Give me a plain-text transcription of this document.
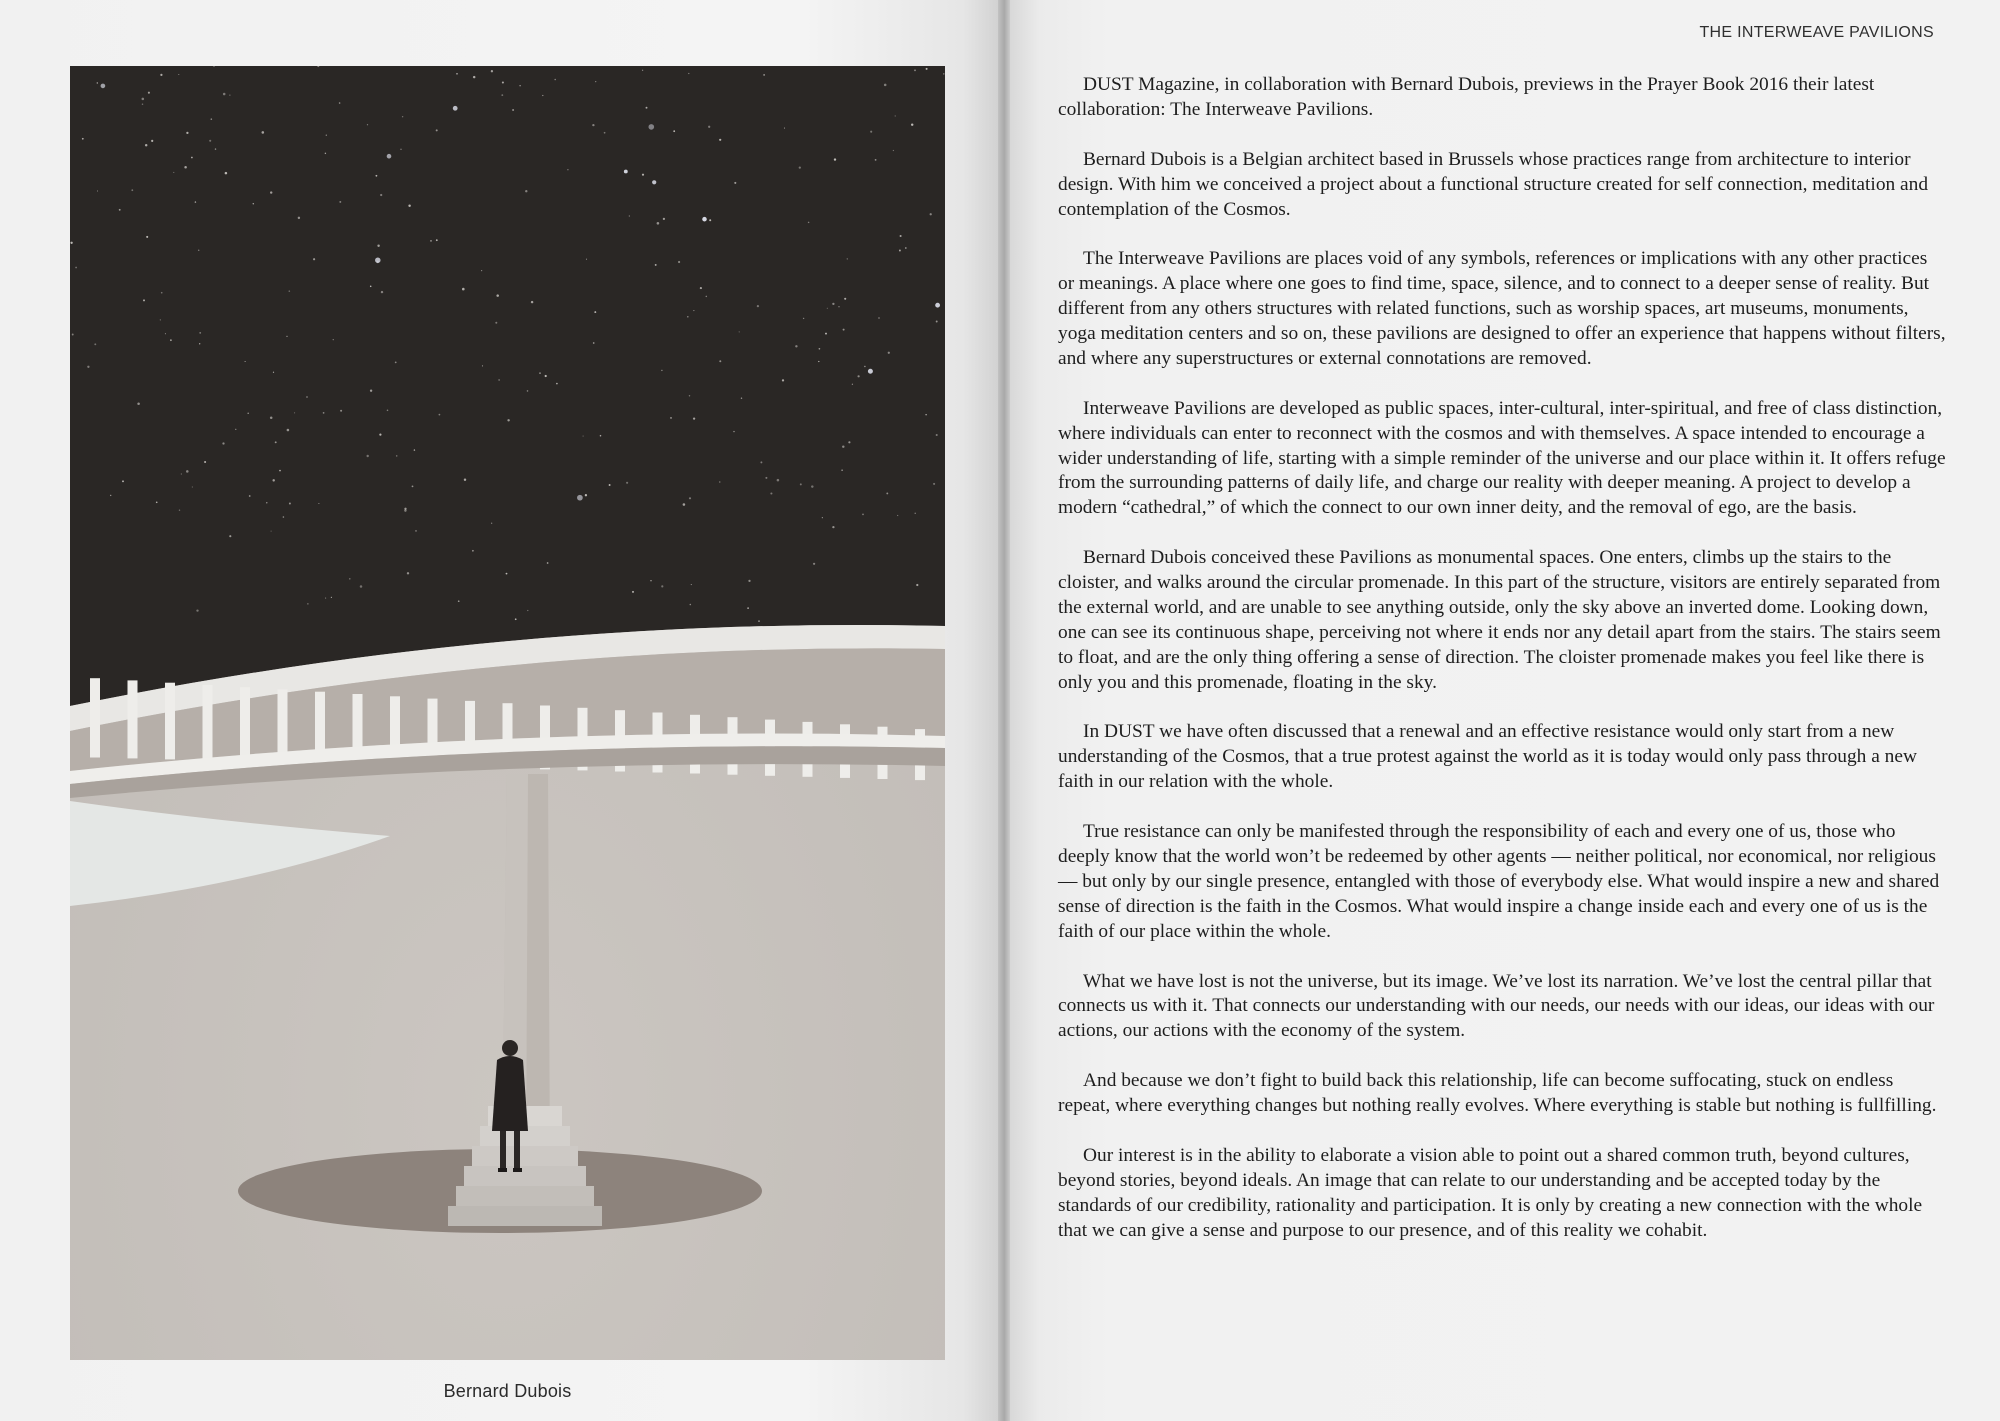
Bernard Dubois
THE INTERWEAVE PAVILIONS

DUST Magazine, in collaboration with Bernard Dubois, previews in the Prayer Book 2016 their latest collaboration: The Interweave Pavilions.

Bernard Dubois is a Belgian architect based in Brussels whose practices range from architecture to interior design. With him we conceived a project about a functional structure created for self connection, meditation and contemplation of the Cosmos.

The Interweave Pavilions are places void of any symbols, references or implications with any other practices or meanings. A place where one goes to find time, space, silence, and to connect to a deeper sense of reality. But different from any others structures with related functions, such as worship spaces, art museums, monuments, yoga meditation centers and so on, these pavilions are designed to offer an experience that happens without filters, and where any superstructures or external connotations are removed.

Interweave Pavilions are developed as public spaces, inter-cultural, inter-spiritual, and free of class distinction, where individuals can enter to reconnect with the cosmos and with themselves. A space intended to encourage a wider understanding of life, starting with a simple reminder of the universe and our place within it. It offers refuge from the surrounding patterns of daily life, and charge our reality with deeper meaning. A project to develop a modern “cathedral,” of which the connect to our own inner deity, and the removal of ego, are the basis.

Bernard Dubois conceived these Pavilions as monumental spaces. One enters, climbs up the stairs to the cloister, and walks around the circular promenade. In this part of the structure, visitors are entirely separated from the external world, and are unable to see anything outside, only the sky above an inverted dome. Looking down, one can see its continuous shape, perceiving not where it ends nor any detail apart from the stairs. The stairs seem to float, and are the only thing offering a sense of direction. The cloister promenade makes you feel like there is only you and this promenade, floating in the sky.

In DUST we have often discussed that a renewal and an effective resistance would only start from a new understanding of the Cosmos, that a true protest against the world as it is today would only pass through a new faith in our relation with the whole.

True resistance can only be manifested through the responsibility of each and every one of us, those who deeply know that the world won’t be redeemed by other agents — neither political, nor economical, nor religious — but only by our single presence, entangled with those of everybody else. What would inspire a new and shared sense of direction is the faith in the Cosmos. What would inspire a change inside each and every one of us is the faith of our place within the whole.

What we have lost is not the universe, but its image. We’ve lost its narration. We’ve lost the central pillar that connects us with it. That connects our understanding with our needs, our needs with our ideas, our ideas with our actions, our actions with the economy of the system.

And because we don’t fight to build back this relationship, life can become suffocating, stuck on endless repeat, where everything changes but nothing really evolves. Where everything is stable but nothing is fullfilling.

Our interest is in the ability to elaborate a vision able to point out a shared common truth, beyond cultures, beyond stories, beyond ideals. An image that can relate to our understanding and be accepted today by the standards of our credibility, rationality and participation. It is only by creating a new connection with the whole that we can give a sense and purpose to our presence, and of this reality we cohabit.
